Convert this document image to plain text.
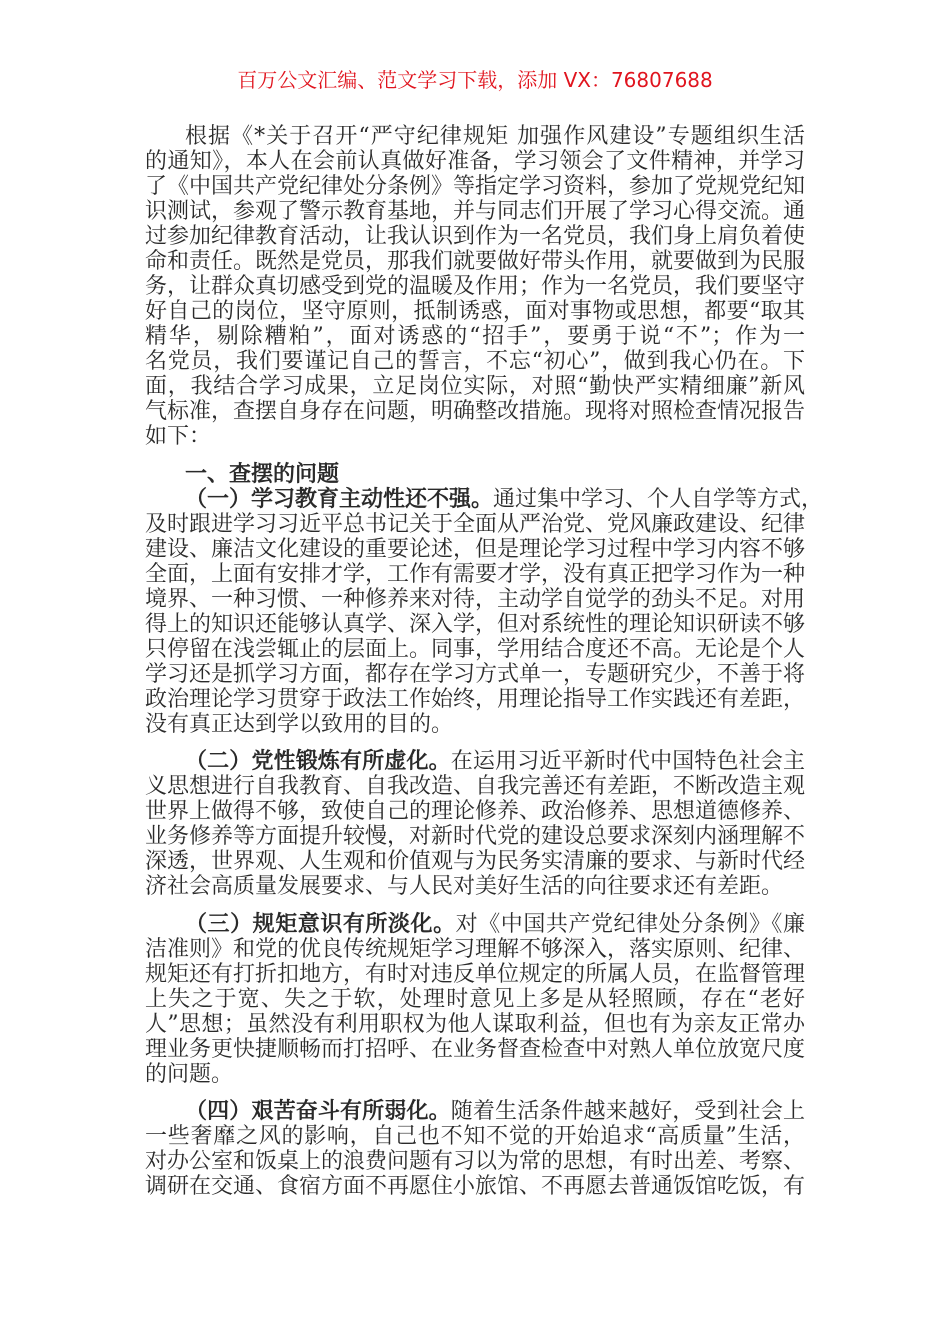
百万公文汇编、范文学习下载，添加 VX：76807688
根据《*关于召开“严守纪律规矩 加强作风建设”专题组织生活
的通知》，本人在会前认真做好准备，学习领会了文件精神，并学习
了《中国共产党纪律处分条例》等指定学习资料，参加了党规党纪知
识测试，参观了警示教育基地，并与同志们开展了学习心得交流。通
过参加纪律教育活动，让我认识到作为一名党员，我们身上肩负着使
命和责任。既然是党员，那我们就要做好带头作用，就要做到为民服
务，让群众真切感受到党的温暖及作用；作为一名党员，我们要坚守
好自己的岗位，坚守原则，抵制诱惑，面对事物或思想，都要“取其
精华，剔除糟粕”，面对诱惑的“招手”，要勇于说“不”；作为一
名党员，我们要谨记自己的誓言，不忘“初心”，做到我心仍在。下
面，我结合学习成果，立足岗位实际，对照“勤快严实精细廉”新风
气标准，查摆自身存在问题，明确整改措施。现将对照检查情况报告
如下：
一、查摆的问题
（一）学习教育主动性还不强。通过集中学习、个人自学等方式，
及时跟进学习习近平总书记关于全面从严治党、党风廉政建设、纪律
建设、廉洁文化建设的重要论述，但是理论学习过程中学习内容不够
全面，上面有安排才学，工作有需要才学，没有真正把学习作为一种
境界、一种习惯、一种修养来对待，主动学自觉学的劲头不足。对用
得上的知识还能够认真学、深入学，但对系统性的理论知识研读不够
只停留在浅尝辄止的层面上。同事，学用结合度还不高。无论是个人
学习还是抓学习方面，都存在学习方式单一，专题研究少，不善于将
政治理论学习贯穿于政法工作始终，用理论指导工作实践还有差距，
没有真正达到学以致用的目的。
（二）党性锻炼有所虚化。在运用习近平新时代中国特色社会主
义思想进行自我教育、自我改造、自我完善还有差距，不断改造主观
世界上做得不够，致使自己的理论修养、政治修养、思想道德修养、
业务修养等方面提升较慢，对新时代党的建设总要求深刻内涵理解不
深透，世界观、人生观和价值观与为民务实清廉的要求、与新时代经
济社会高质量发展要求、与人民对美好生活的向往要求还有差距。
（三）规矩意识有所淡化。对《中国共产党纪律处分条例》《廉
洁准则》和党的优良传统规矩学习理解不够深入，落实原则、纪律、
规矩还有打折扣地方，有时对违反单位规定的所属人员，在监督管理
上失之于宽、失之于软，处理时意见上多是从轻照顾，存在“老好
人”思想；虽然没有利用职权为他人谋取利益，但也有为亲友正常办
理业务更快捷顺畅而打招呼、在业务督查检查中对熟人单位放宽尺度
的问题。
（四）艰苦奋斗有所弱化。随着生活条件越来越好，受到社会上
一些奢靡之风的影响，自己也不知不觉的开始追求“高质量”生活，
对办公室和饭桌上的浪费问题有习以为常的思想，有时出差、考察、
调研在交通、食宿方面不再愿住小旅馆、不再愿去普通饭馆吃饭，有
